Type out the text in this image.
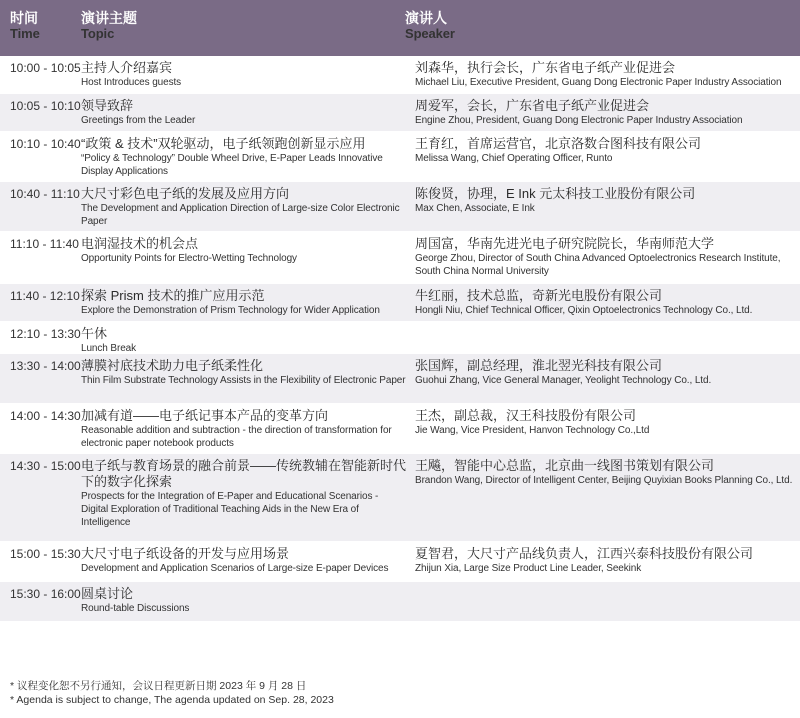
时间
Time
演讲主题
Topic
演讲人
Speaker
10:00 - 10:05 主持人介绍嘉宾
Host Introduces guests
刘森华，执行会长，广东省电子纸产业促进会
Michael Liu, Executive President, Guang Dong Electronic Paper Industry Association
10:05 - 10:10 领导致辞
Greetings from the Leader
周爱军，会长，广东省电子纸产业促进会
Engine Zhou, President, Guang Dong Electronic Paper Industry Association
10:10 - 10:40 “政策 & 技术”双轮驱动，电子纸领跑创新显示应用
“Policy & Technology” Double Wheel Drive, E-Paper Leads Innovative Display Applications
王育红，首席运营官，北京洛数合图科技有限公司
Melissa Wang, Chief Operating Officer, Runto
10:40 - 11:10 大尺寸彩色电子纸的发展及应用方向
The Development and Application Direction of Large-size Color Electronic Paper
陈俊贤，协理，E Ink 元太科技工业股份有限公司
Max Chen, Associate, E Ink
11:10 - 11:40 电润湿技术的机会点
Opportunity Points for Electro-Wetting Technology
周国富，华南先进光电子研究院院长，华南师范大学
George Zhou, Director of South China Advanced Optoelectronics Research Institute, South China Normal University
11:40 - 12:10 探索 Prism 技术的推广应用示范
Explore the Demonstration of Prism Technology for Wider Application
牛红丽，技术总监，奇新光电股份有限公司
Hongli Niu, Chief Technical Officer, Qixin Optoelectronics Technology Co., Ltd.
12:10 - 13:30 午休
Lunch Break
13:30 - 14:00 薄膜衬底技术助力电子纸柔性化
Thin Film Substrate Technology Assists in the Flexibility of Electronic Paper
张国辉，副总经理，淮北翌光科技有限公司
Guohui Zhang, Vice General Manager, Yeolight Technology Co., Ltd.
14:00 - 14:30 加减有道——电子纸记事本产品的变革方向
Reasonable addition and subtraction - the direction of transformation for electronic paper notebook products
王杰，副总裁，汉王科技股份有限公司
Jie Wang, Vice President, Hanvon Technology Co.,Ltd
14:30 - 15:00 电子纸与教育场景的融合前景——传统教辅在智能新时代下的数字化探索
Prospects for the Integration of E-Paper and Educational Scenarios - Digital Exploration of Traditional Teaching Aids in the New Era of Intelligence
王飚，智能中心总监，北京曲一线图书策划有限公司
Brandon Wang, Director of Intelligent Center, Beijing Quyixian Books Planning Co., Ltd.
15:00 - 15:30 大尺寸电子纸设备的开发与应用场景
Development and Application Scenarios of Large-size E-paper Devices
夏智君，大尺寸产品线负责人，江西兴泰科技股份有限公司
Zhijun Xia, Large Size Product Line Leader, Seekink
15:30 - 16:00 圆桌讨论
Round-table Discussions
* 议程变化恕不另行通知，会议日程更新日期 2023 年 9 月 28 日
* Agenda is subject to change, The agenda updated on Sep. 28, 2023
